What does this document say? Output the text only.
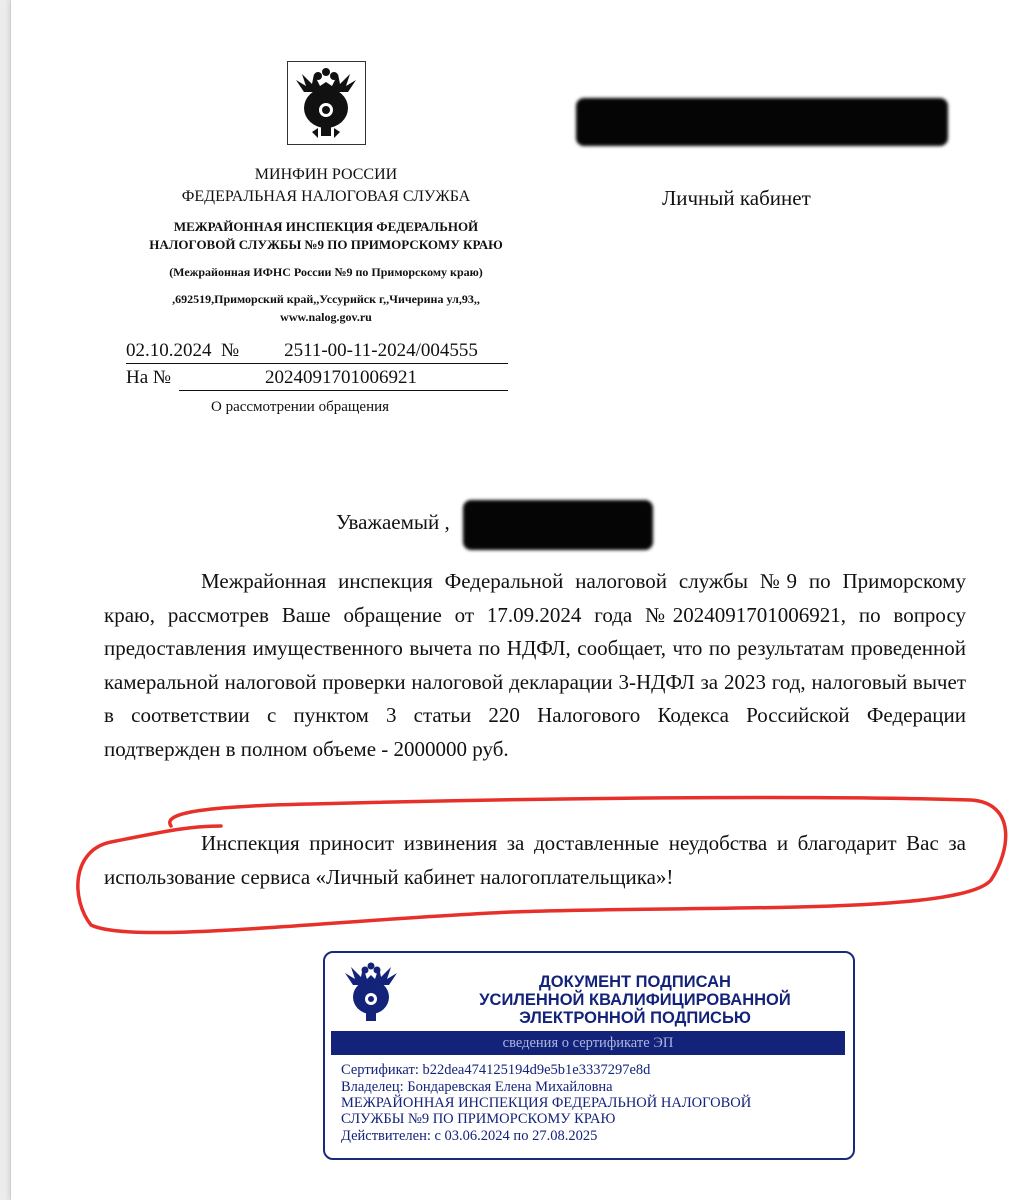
МИНФИН РОССИИ
ФЕДЕРАЛЬНАЯ НАЛОГОВАЯ СЛУЖБА
МЕЖРАЙОННАЯ ИНСПЕКЦИЯ ФЕДЕРАЛЬНОЙ
НАЛОГОВОЙ СЛУЖБЫ №9 ПО ПРИМОРСКОМУ КРАЮ
(Межрайонная ИФНС России №9 по Приморскому краю)
,692519,Приморский край,,Уссурийск г,,Чичерина ул,93,,
www.nalog.gov.ru
02.10.2024 №	2511-00-11-2024/004555
На №	2024091701006921
О рассмотрении обращения
Личный кабинет
Уважаемый ,
Межрайонная инспекция Федеральной налоговой службы №9 по Приморскому краю, рассмотрев Ваше обращение от 17.09.2024 года №2024091701006921, по вопросу предоставления имущественного вычета по НДФЛ, сообщает, что по результатам проведенной камеральной налоговой проверки налоговой декларации 3-НДФЛ за 2023 год, налоговый вычет в соответствии с пунктом 3 статьи 220 Налогового Кодекса Российской Федерации подтвержден в полном объеме - 2000000 руб.
Инспекция приносит извинения за доставленные неудобства и благодарит Вас за использование сервиса «Личный кабинет налогоплательщика»!
ДОКУМЕНТ ПОДПИСАН
УСИЛЕННОЙ КВАЛИФИЦИРОВАННОЙ
ЭЛЕКТРОННОЙ ПОДПИСЬЮ
сведения о сертификате ЭП
Сертификат: b22dea474125194d9e5b1e3337297e8d
Владелец: Бондаревская Елена Михайловна
МЕЖРАЙОННАЯ ИНСПЕКЦИЯ ФЕДЕРАЛЬНОЙ НАЛОГОВОЙ
СЛУЖБЫ №9 ПО ПРИМОРСКОМУ КРАЮ
Действителен: с 03.06.2024 по 27.08.2025
